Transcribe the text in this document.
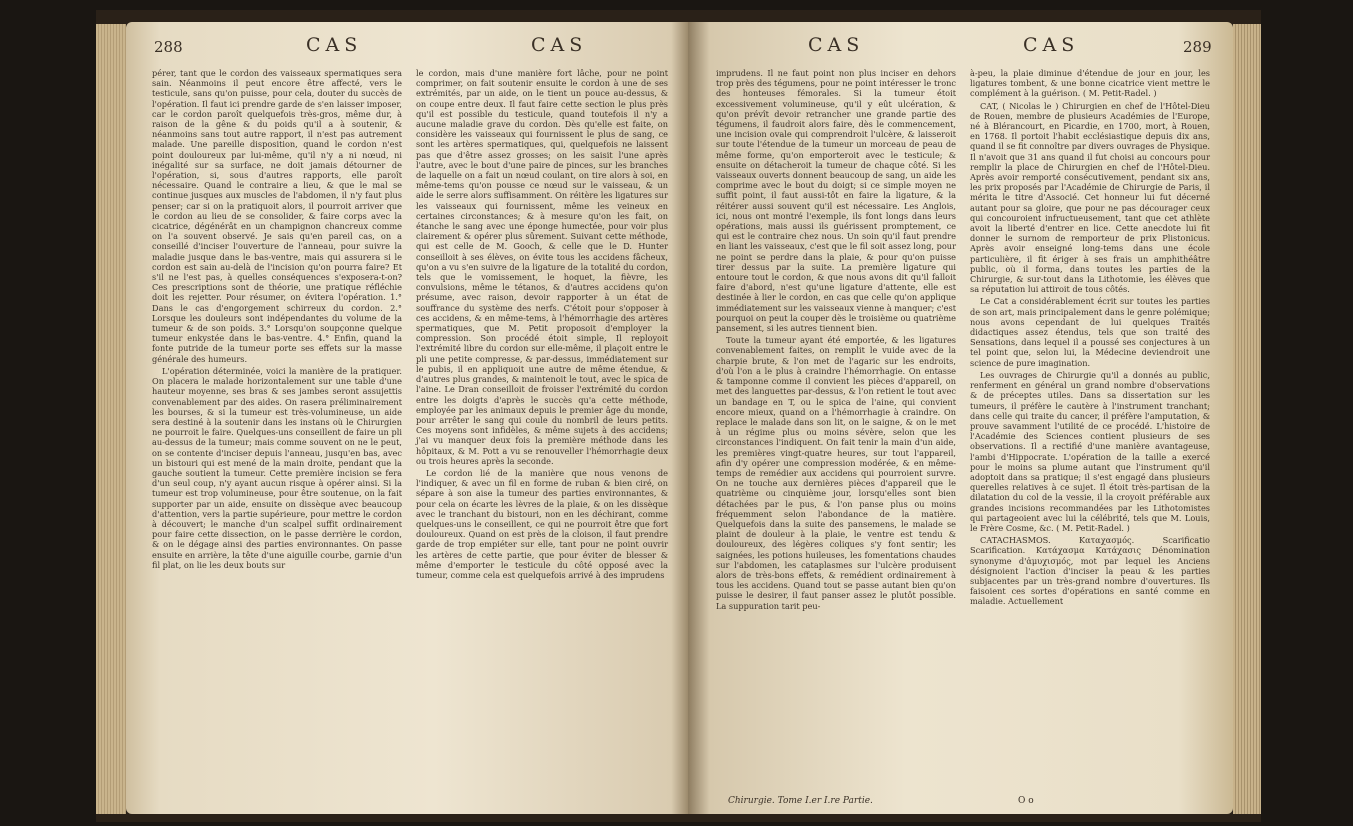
288	CAS	CAS

pérer, tant que le cordon des vaisseaux spermatiques sera sain. Néanmoins il peut encore être affecté, vers le testicule, sans qu'on puisse, pour cela, douter du succès de l'opération. Il faut ici prendre garde de s'en laisser imposer, car le cordon paroît quelquefois très-gros, même dur, à raison de la gêne & du poids qu'il a à soutenir, & néanmoins sans tout autre rapport, il n'est pas autrement malade. Une pareille disposition, quand le cordon n'est point douloureux par lui-même, qu'il n'y a ni nœud, ni inégalité sur sa surface, ne doit jamais détourner de l'opération, si, sous d'autres rapports, elle paroît nécessaire. Quand le contraire a lieu, & que le mal se continue jusques aux muscles de l'abdomen, il n'y faut plus penser; car si on la pratiquoit alors, il pourroit arriver que le cordon au lieu de se consolider, & faire corps avec la cicatrice, dégénérât en un champignon chancreux comme on l'a souvent observé. Je sais qu'en pareil cas, on a conseillé d'inciser l'ouverture de l'anneau, pour suivre la maladie jusque dans le bas-ventre, mais qui assurera si le cordon est sain au-delà de l'incision qu'on pourra faire? Et s'il ne l'est pas, à quelles conséquences s'exposera-t-on? Ces prescriptions sont de théorie, une pratique réfléchie doit les rejetter. Pour résumer, on évitera l'opération. 1.° Dans le cas d'engorgement schirreux du cordon. 2.° Lorsque les douleurs sont indépendantes du volume de la tumeur & de son poids. 3.° Lorsqu'on soupçonne quelque tumeur enkystée dans le bas-ventre. 4.° Enfin, quand la fonte putride de la tumeur porte ses effets sur la masse générale des humeurs.

L'opération déterminée, voici la manière de la pratiquer. On placera le malade horizontalement sur une table d'une hauteur moyenne, ses bras & ses jambes seront assujettis convenablement par des aides. On rasera préliminairement les bourses, & si la tumeur est très-volumineuse, un aide sera destiné à la soutenir dans les instans où le Chirurgien ne pourroit le faire. Quelques-uns conseillent de faire un pli au-dessus de la tumeur; mais comme souvent on ne le peut, on se contente d'inciser depuis l'anneau, jusqu'en bas, avec un bistouri qui est mené de la main droite, pendant que la gauche soutient la tumeur. Cette première incision se fera d'un seul coup, n'y ayant aucun risque à opérer ainsi. Si la tumeur est trop volumineuse, pour être soutenue, on la fait supporter par un aide, ensuite on dissèque avec beaucoup d'attention, vers la partie supérieure, pour mettre le cordon à découvert; le manche d'un scalpel suffit ordinairement pour faire cette dissection, on le passe derrière le cordon, & on le dégage ainsi des parties environnantes. On passe ensuite en arrière, la tête d'une aiguille courbe, garnie d'un fil plat, on lie les deux bouts sur

le cordon, mais d'une manière fort lâche, pour ne point comprimer, on fait soutenir ensuite le cordon à une de ses extrémités, par un aide, on le tient un pouce au-dessus, & on coupe entre deux. Il faut faire cette section le plus près qu'il est possible du testicule, quand toutefois il n'y a aucune maladie grave du cordon. Dès qu'elle est faite, on considère les vaisseaux qui fournissent le plus de sang, ce sont les artères spermatiques, qui, quelquefois ne laissent pas que d'être assez grosses; on les saisit l'une après l'autre, avec le bout d'une paire de pinces, sur les branches de laquelle on a fait un nœud coulant, on tire alors à soi, en même-tems qu'on pousse ce nœud sur le vaisseau, & un aide le serre alors suffisamment. On réitère les ligatures sur les vaisseaux qui fournissent, même les veineux en certaines circonstances; & à mesure qu'on les fait, on étanche le sang avec une éponge humectée, pour voir plus clairement & opérer plus sûrement. Suivant cette méthode, qui est celle de M. Gooch, & celle que le D. Hunter conseilloit à ses élèves, on évite tous les accidens fâcheux, qu'on a vu s'en suivre de la ligature de la totalité du cordon, tels que le vomissement, le hoquet, la fièvre, les convulsions, même le tétanos, & d'autres accidens qu'on présume, avec raison, devoir rapporter à un état de souffrance du système des nerfs. C'étoit pour s'opposer à ces accidens, & en même-tems, à l'hémorrhagie des artères spermatiques, que M. Petit proposoit d'employer la compression. Son procédé étoit simple, Il reployoit l'extrémité libre du cordon sur elle-même, il plaçoit entre le pli une petite compresse, & par-dessus, immédiatement sur le pubis, il en appliquoit une autre de même étendue, & d'autres plus grandes, & maintenoit le tout, avec le spica de l'aine. Le Dran conseilloit de froisser l'extrémité du cordon entre les doigts d'après le succès qu'a cette méthode, employée par les animaux depuis le premier âge du monde, pour arrêter le sang qui coule du nombril de leurs petits. Ces moyens sont infidèles, & même sujets à des accidens; j'ai vu manquer deux fois la première méthode dans les hôpitaux, & M. Pott a vu se renouveller l'hémorrhagie deux ou trois heures après la seconde.

Le cordon lié de la manière que nous venons de l'indiquer, & avec un fil en forme de ruban & bien ciré, on sépare à son aise la tumeur des parties environnantes, & pour cela on écarte les lèvres de la plaie, & on les dissèque avec le tranchant du bistouri, non en les déchirant, comme quelques-uns le conseillent, ce qui ne pourroit être que fort douloureux. Quand on est près de la cloison, il faut prendre garde de trop empiéter sur elle, tant pour ne point ouvrir les artères de cette partie, que pour éviter de blesser & même d'emporter le testicule du côté opposé avec la tumeur, comme cela est quelquefois arrivé à des imprudens

CAS	CAS	289

imprudens. Il ne faut point non plus inciser en dehors trop près des tégumens, pour ne point intéresser le tronc des honteuses fémorales. Si la tumeur étoit excessivement volumineuse, qu'il y eût ulcération, & qu'on prévît devoir retrancher une grande partie des tégumens, il faudroit alors faire, dès le commencement, une incision ovale qui comprendroit l'ulcère, & laisseroit sur toute l'étendue de la tumeur un morceau de peau de même forme, qu'on emporteroit avec le testicule; & ensuite on détacheroit la tumeur de chaque côté. Si les vaisseaux ouverts donnent beaucoup de sang, un aide les comprime avec le bout du doigt; si ce simple moyen ne suffit point, il faut aussi-tôt en faire la ligature, & la réitérer aussi souvent qu'il est nécessaire. Les Anglois, ici, nous ont montré l'exemple, ils font longs dans leurs opérations, mais aussi ils guérissent promptement, ce qui est le contraire chez nous. Un soin qu'il faut prendre en liant les vaisseaux, c'est que le fil soit assez long, pour ne point se perdre dans la plaie, & pour qu'on puisse tirer dessus par la suite. La première ligature qui entoure tout le cordon, & que nous avons dit qu'il falloit faire d'abord, n'est qu'une ligature d'attente, elle est destinée à lier le cordon, en cas que celle qu'on applique immédiatement sur les vaisseaux vienne à manquer; c'est pourquoi on peut la couper dès le troisième ou quatrième pansement, si les autres tiennent bien.

Toute la tumeur ayant été emportée, & les ligatures convenablement faites, on remplit le vuide avec de la charpie brute, & l'on met de l'agaric sur les endroits, d'où l'on a le plus à craindre l'hémorrhagie. On entasse & tamponne comme il convient les pièces d'appareil, on met des languettes par-dessus, & l'on retient le tout avec un bandage en T, ou le spica de l'aine, qui convient encore mieux, quand on a l'hémorrhagie à craindre. On replace le malade dans son lit, on le saigne, & on le met à un régime plus ou moins sévère, selon que les circonstances l'indiquent. On fait tenir la main d'un aide, les premières vingt-quatre heures, sur tout l'appareil, afin d'y opérer une compression modérée, & en même-temps de remédier aux accidens qui pourroient survre. On ne touche aux dernières pièces d'appareil que le quatrième ou cinquième jour, lorsqu'elles sont bien détachées par le pus, & l'on panse plus ou moins fréquemment selon l'abondance de la matière. Quelquefois dans la suite des pansemens, le malade se plaint de douleur à la plaie, le ventre est tendu & douloureux, des légères coliques s'y font sentir; les saignées, les potions huileuses, les fomentations chaudes sur l'abdomen, les cataplasmes sur l'ulcère produisent alors de très-bons effets, & remédient ordinairement à tous les accidens. Quand tout se passe autant bien qu'on puisse le desirer, il faut panser assez le plutôt possible. La suppuration tarit peu-

à-peu, la plaie diminue d'étendue de jour en jour, les ligatures tombent, & une bonne cicatrice vient mettre le complément à la guérison. ( M. Petit-Radel. )

CAT, ( Nicolas le ) Chirurgien en chef de l'Hôtel-Dieu de Rouen, membre de plusieurs Académies de l'Europe, né à Blérancourt, en Picardie, en 1700, mort, à Rouen, en 1768. Il portoit l'habit ecclésiastique depuis dix ans, quand il se fit connoître par divers ouvrages de Physique. Il n'avoit que 31 ans quand il fut choisi au concours pour remplir la place de Chirurgien en chef de l'Hôtel-Dieu. Après avoir remporté consécutivement, pendant six ans, les prix proposés par l'Académie de Chirurgie de Paris, il mérita le titre d'Associé. Cet honneur lui fut décerné autant pour sa gloire, que pour ne pas décourager ceux qui concouroient infructueusement, tant que cet athlète avoit la liberté d'entrer en lice. Cette anecdote lui fit donner le surnom de remporteur de prix Plistonicus. Après avoir enseigné long-tems dans une école particulière, il fit ériger à ses frais un amphithéâtre public, où il forma, dans toutes les parties de la Chirurgie, & sur-tout dans la Lithotomie, les élèves que sa réputation lui attiroit de tous côtés.

Le Cat a considérablement écrit sur toutes les parties de son art, mais principalement dans le genre polémique; nous avons cependant de lui quelques Traités didactiques assez étendus, tels que son traité des Sensations, dans lequel il a poussé ses conjectures à un tel point que, selon lui, la Médecine deviendroit une science de pure imagination.

Les ouvrages de Chirurgie qu'il a donnés au public, renferment en général un grand nombre d'observations & de préceptes utiles. Dans sa dissertation sur les tumeurs, il préfère le cautère à l'instrument tranchant; dans celle qui traite du cancer, il préfère l'amputation, & prouve savamment l'utilité de ce procédé. L'histoire de l'Académie des Sciences contient plusieurs de ses observations. Il a rectifié d'une manière avantageuse, l'ambi d'Hippocrate. L'opération de la taille a exercé pour le moins sa plume autant que l'instrument qu'il adoptoit dans sa pratique; il s'est engagé dans plusieurs querelles relatives à ce sujet. Il étoit très-partisan de la dilatation du col de la vessie, il la croyoit préférable aux grandes incisions recommandées par les Lithotomistes qui partageoient avec lui la célébrité, tels que M. Louis, le Frère Cosme, &c. ( M. Petit-Radel. )

CATACHASMOS. Καταχασμός. Scarificatio Scarification. Κατάχασμα Κατάχασις Dénomination synonyme d'ἀμυχισμός, mot par lequel les Anciens désignoient l'action d'inciser la peau & les parties subjacentes par un très-grand nombre d'ouvertures. Ils faisoient ces sortes d'opérations en santé comme en maladie. Actuellement

Chirurgie. Tome I.er I.re Partie.	O o
